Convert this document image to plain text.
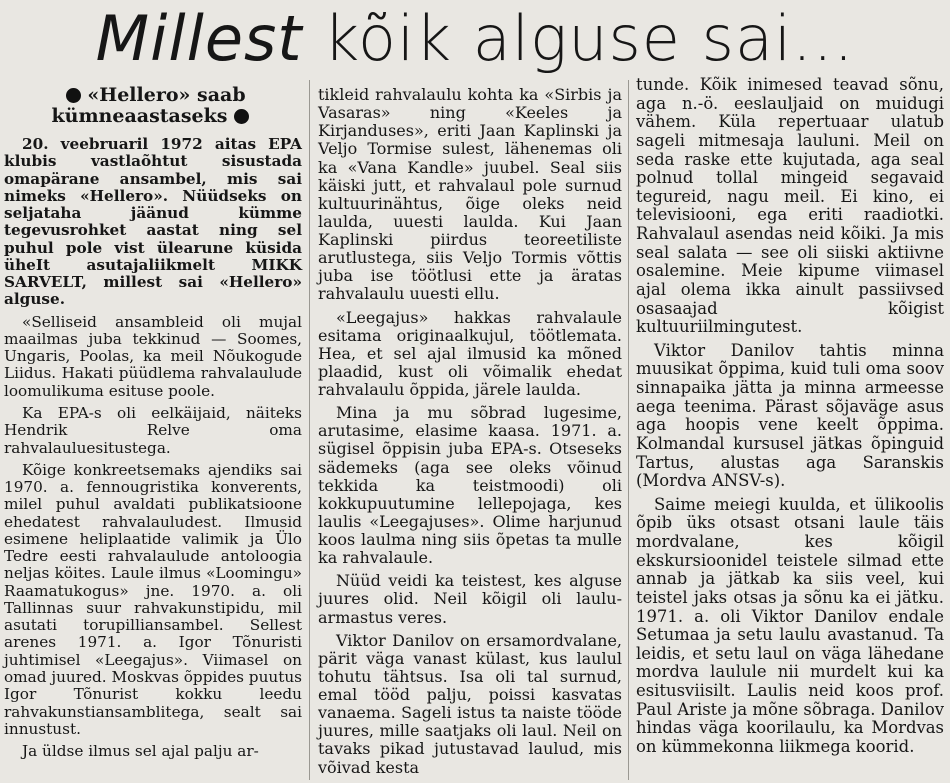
Millest kõik alguse sai...
«Hellero» saab
kümneaastaseks

20. veebruaril 1972 aitas EPA klubis vastlaõhtut sisustada omapärane ansambel, mis sai nimeks «Hellero». Nüüdseks on seljataha jäänud kümme tegevusrohket aastat ning sel puhul pole vist ülearune küsida üheIt asutajaliikmelt MIKK SARVELT, millest sai «Hellero» alguse.

«Selliseid ansambleid oli mujal maailmas juba tekkinud — Soomes, Ungaris, Poolas, ka meil Nõukogude Liidus. Hakati püüdlema rahvalaulude loomulikuma esituse poole.

Ka EPA-s oli eelkäijaid, näiteks Hendrik Relve oma rahvalauluesitustega.

Kõige konkreetsemaks ajendiks sai 1970. a. fennougristika konverents, milel puhul avaldati publikatsioone ehedatest rahvalauludest. Ilmusid esimene heliplaatide valimik ja Ülo Tedre eesti rahvalaulude antoloogia neljas köites. Laule ilmus «Loomingu» Raamatukogus» jne. 1970. a. oli Tallinnas suur rahvakunstipidu, mil asutati torupilliansambel. Sellest arenes 1971. a. Igor Tõnuristi juhtimisel «Leegajus». Viimasel on omad juured. Moskvas õppides puutus Igor Tõnurist kokku leedu rahvakunstiansamblitega, sealt sai innustust.

Ja üldse ilmus sel ajal palju ar-

tikleid rahvalaulu kohta ka «Sirbis ja Vasaras» ning «Keeles ja Kirjanduses», eriti Jaan Kaplinski ja Veljo Tormise sulest, lähenemas oli ka «Vana Kandle» juubel. Seal siis käiski jutt, et rahvalaul pole surnud kultuurinähtus, õige oleks neid laulda, uuesti laulda. Kui Jaan Kaplinski piirdus teoreetiliste arutlustega, siis Veljo Tormis võttis juba ise töötlusi ette ja äratas rahvalaulu uuesti ellu.

«Leegajus» hakkas rahvalaule esitama originaalkujul, töötlemata. Hea, et sel ajal ilmusid ka mõned plaadid, kust oli võimalik ehedat rahvalaulu õppida, järele laulda.

Mina ja mu sõbrad lugesime, arutasime, elasime kaasa. 1971. a. sügisel õppisin juba EPA-s. Otseseks sädemeks (aga see oleks võinud tekkida ka teistmoodi) oli kokkupuutumine lellepojaga, kes laulis «Leegajuses». Olime harjunud koos laulma ning siis õpetas ta mulle ka rahvalaule.

Nüüd veidi ka teistest, kes alguse juures olid. Neil kõigil oli laulu-armastus veres.

Viktor Danilov on ersamordvalane, pärit väga vanast külast, kus laulul tohutu tähtsus. Isa oli tal surnud, emal tööd palju, poissi kasvatas vanaema. Sageli istus ta naiste tööde juures, mille saatjaks oli laul. Neil on tavaks pikad jutustavad laulud, mis võivad kesta

tunde. Kõik inimesed teavad sõnu, aga n.-ö. eeslauljaid on muidugi vähem. Küla repertuaar ulatub sageli mitmesaja lauluni. Meil on seda raske ette kujutada, aga seal polnud tollal mingeid segavaid tegureid, nagu meil. Ei kino, ei televisiooni, ega eriti raadiotki. Rahvalaul asendas neid kõiki. Ja mis seal salata — see oli siiski aktiivne osalemine. Meie kipume viimasel ajal olema ikka ainult passiivsed osasaajad kõigist kultuuriilmingutest.

Viktor Danilov tahtis minna muusikat õppima, kuid tuli oma soov sinnapaika jätta ja minna armeesse aega teenima. Pärast sõjaväge asus aga hoopis vene keelt õppima. Kolmandal kursusel jätkas õpinguid Tartus, alustas aga Saranskis (Mordva ANSV-s).

Saime meiegi kuulda, et ülikoolis õpib üks otsast otsani laule täis mordvalane, kes kõigil ekskursioonidel teistele silmad ette annab ja jätkab ka siis veel, kui teistel jaks otsas ja sõnu ka ei jätku. 1971. a. oli Viktor Danilov endale Setumaa ja setu laulu avastanud. Ta leidis, et setu laul on väga lähedane mordva laulule nii murdelt kui ka esitusviisilt. Laulis neid koos prof. Paul Ariste ja mõne sõbraga. Danilov hindas väga koorilaulu, ka Mordvas on kümmekonna liikmega koorid.
